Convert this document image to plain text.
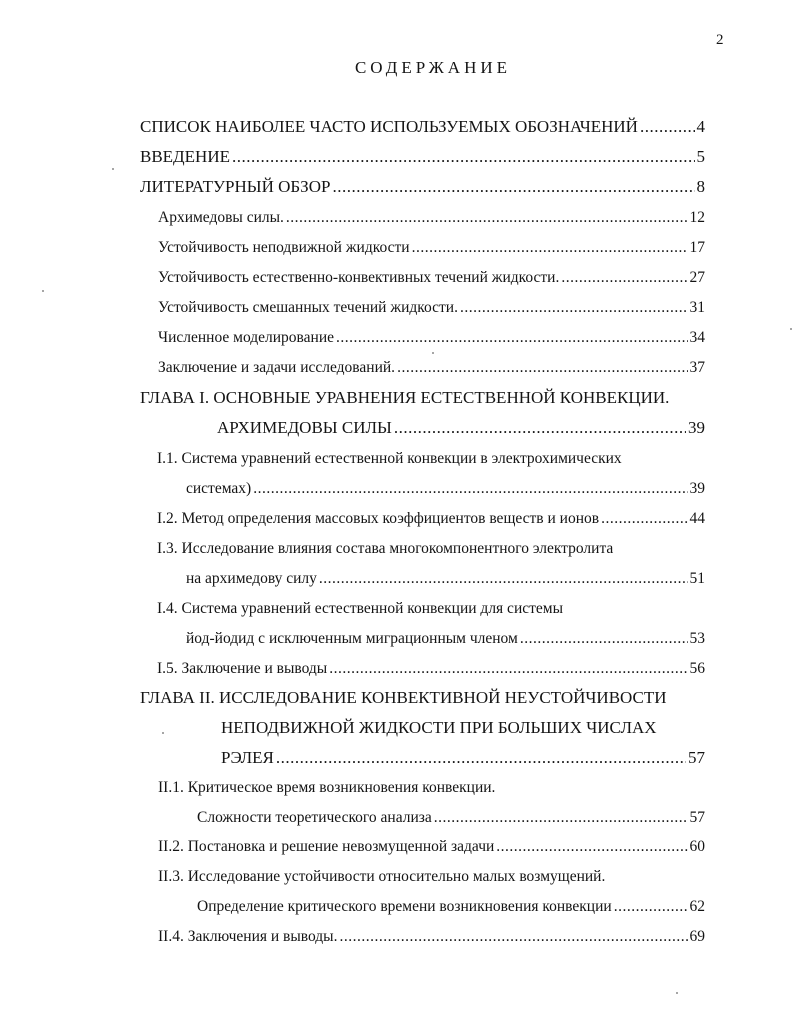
2
СОДЕРЖАНИЕ
СПИСОК НАИБОЛЕЕ ЧАСТО ИСПОЛЬЗУЕМЫХ ОБОЗНАЧЕНИЙ .....	4
ВВЕДЕНИЕ .....	5
ЛИТЕРАТУРНЫЙ ОБЗОР .....	8
Архимедовы силы. .....	12
Устойчивость неподвижной жидкости .....	17
Устойчивость естественно-конвективных течений жидкости. .....	27
Устойчивость смешанных течений жидкости. .....	31
Численное моделирование .....	34
Заключение и задачи исследований. .....	37
ГЛАВА I. ОСНОВНЫЕ УРАВНЕНИЯ ЕСТЕСТВЕННОЙ КОНВЕКЦИИ.
АРХИМЕДОВЫ СИЛЫ .....	39
I.1. Система уравнений естественной конвекции в электрохимических
системах) .....	39
I.2. Метод определения массовых коэффициентов веществ и ионов .....	44
I.3. Исследование влияния состава многокомпонентного электролита
на архимедову силу .....	51
I.4. Система уравнений естественной конвекции для системы
йод-йодид с исключенным миграционным членом .....	53
I.5. Заключение и выводы .....	56
ГЛАВА II. ИССЛЕДОВАНИЕ КОНВЕКТИВНОЙ НЕУСТОЙЧИВОСТИ
НЕПОДВИЖНОЙ ЖИДКОСТИ ПРИ БОЛЬШИХ ЧИСЛАХ
РЭЛЕЯ .....	57
II.1. Критическое время возникновения конвекции.
Сложности теоретического анализа .....	57
II.2. Постановка и решение невозмущенной задачи .....	60
II.3. Исследование устойчивости относительно малых возмущений.
Определение критического времени возникновения конвекции .....	62
II.4. Заключения и выводы. .....	69
